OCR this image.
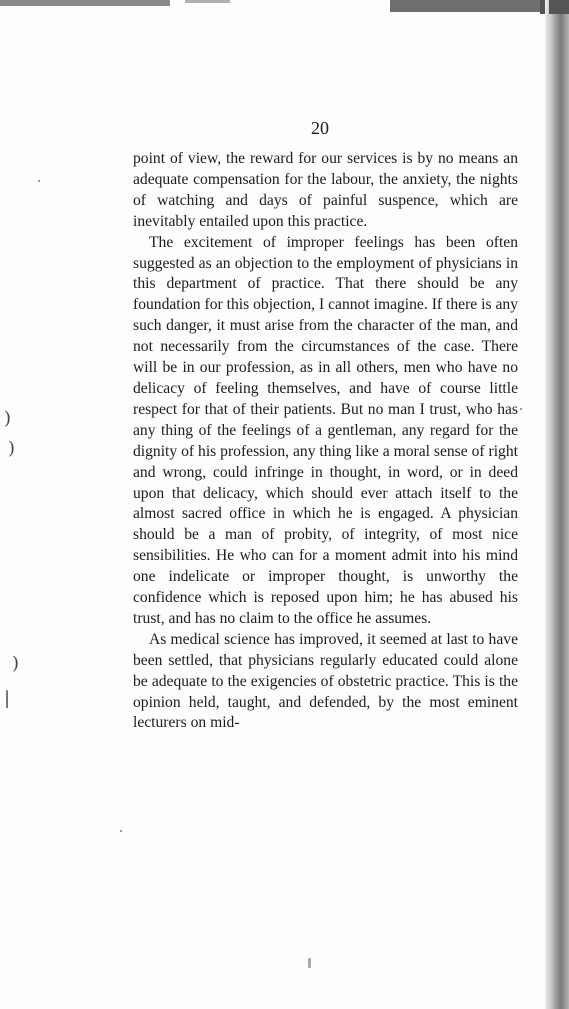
)
)
)
|
20

point of view, the reward for our services is by no means an adequate compensation for the labour, the anxiety, the nights of watching and days of painful suspence, which are inevitably entailed upon this practice.

The excitement of improper feelings has been often suggested as an objection to the employment of physicians in this department of practice. That there should be any foundation for this objection, I cannot imagine. If there is any such danger, it must arise from the character of the man, and not necessarily from the circumstances of the case. There will be in our profession, as in all others, men who have no delicacy of feeling themselves, and have of course little respect for that of their patients. But no man I trust, who has any thing of the feelings of a gentleman, any regard for the dignity of his profession, any thing like a moral sense of right and wrong, could infringe in thought, in word, or in deed upon that delicacy, which should ever attach itself to the almost sacred office in which he is engaged. A physician should be a man of probity, of integrity, of most nice sensibilities. He who can for a moment admit into his mind one indelicate or improper thought, is unworthy the confidence which is reposed upon him; he has abused his trust, and has no claim to the office he assumes.

As medical science has improved, it seemed at last to have been settled, that physicians regularly educated could alone be adequate to the exigencies of obstetric practice. This is the opinion held, taught, and defended, by the most eminent lecturers on mid-
